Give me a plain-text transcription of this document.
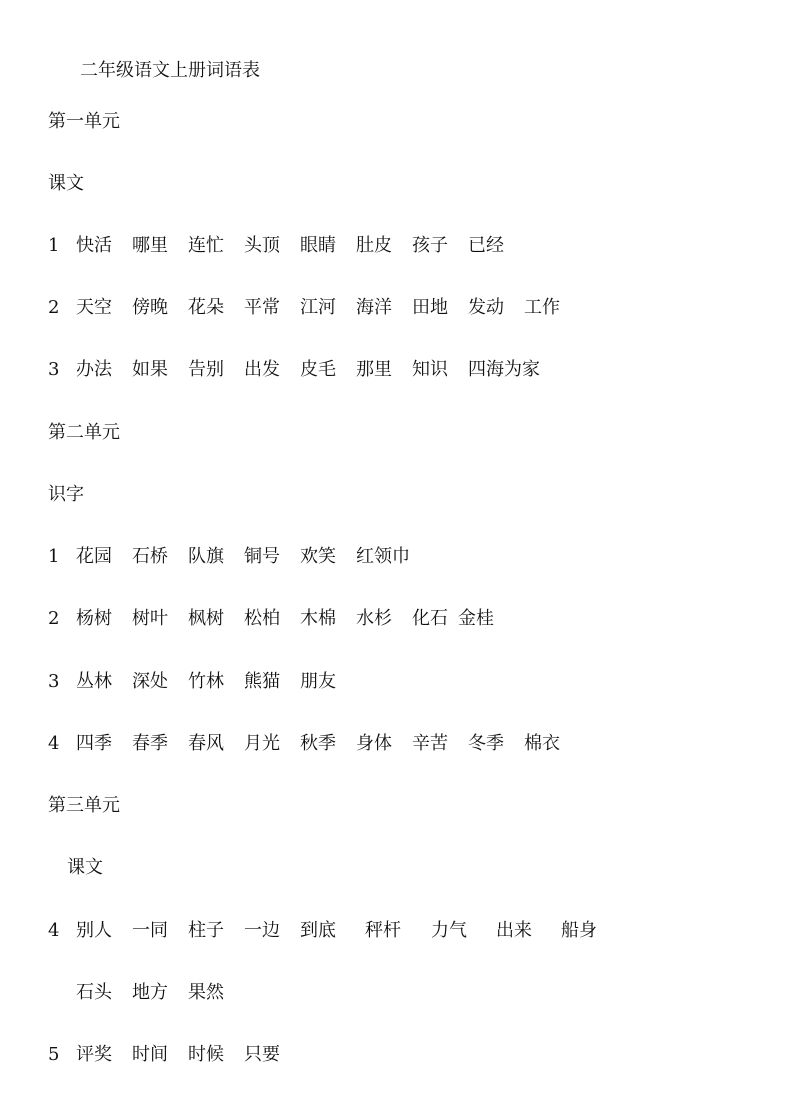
二年级语文上册词语表
第一单元
课文
1 快活 哪里 连忙 头顶 眼睛 肚皮 孩子 已经
2 天空 傍晚 花朵 平常 江河 海洋 田地 发动 工作
3 办法 如果 告别 出发 皮毛 那里 知识 四海为家
第二单元
识字
1 花园 石桥 队旗 铜号 欢笑 红领巾
2 杨树 树叶 枫树 松柏 木棉 水杉 化石 金桂
3 丛林 深处 竹林 熊猫 朋友
4 四季 春季 春风 月光 秋季 身体 辛苦 冬季 棉衣
第三单元
课文
4 别人 一同 柱子 一边 到底 秤杆 力气 出来 船身
石头 地方 果然
5 评奖 时间 时候 只要
